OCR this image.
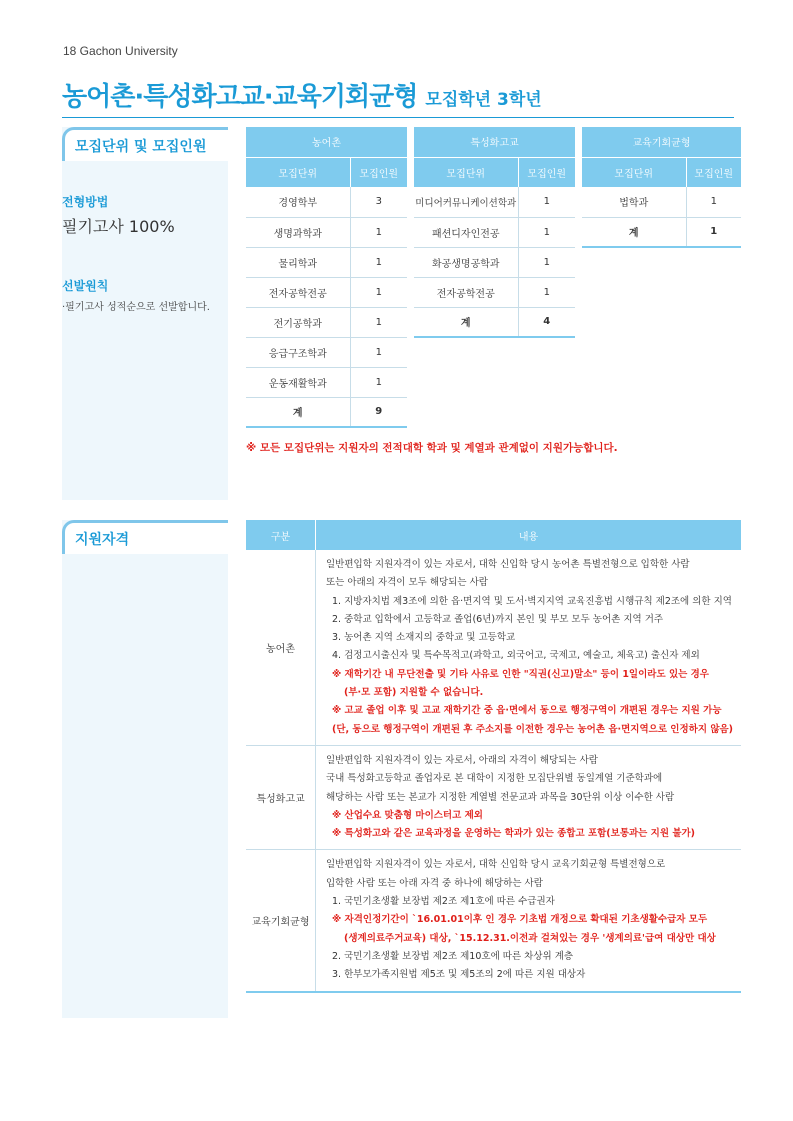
18 Gachon University
농어촌·특성화고교·교육기회균형 모집학년 3학년
모집단위 및 모집인원
전형방법
필기고사 100%
선발원칙
·필기고사 성적순으로 선발합니다.
농어촌	
모집단위	모집인원
경영학부	3
생명과학과	1
물리학과	1
전자공학전공	1
전기공학과	1
응급구조학과	1
운동재활학과	1
계	9
특성화고교	
모집단위	모집인원
미디어커뮤니케이션학과	1
패션디자인전공	1
화공생명공학과	1
전자공학전공	1
계	4
교육기회균형	
모집단위	모집인원
법학과	1
계	1
※ 모든 모집단위는 지원자의 전적대학 학과 및 계열과 관계없이 지원가능합니다.
지원자격	구분	내용
농어촌
일반편입학 지원자격이 있는 자로서, 대학 신입학 당시 농어촌 특별전형으로 입학한 사람
또는 아래의 자격이 모두 해당되는 사람
1. 지방자치법 제3조에 의한 읍·면지역 및 도서·벽지지역 교육진흥법 시행규칙 제2조에 의한 지역
2. 중학교 입학에서 고등학교 졸업(6년)까지 본인 및 부모 모두 농어촌 지역 거주
3. 농어촌 지역 소재지의 중학교 및 고등학교
4. 검정고시출신자 및 특수목적고(과학고, 외국어고, 국제고, 예술고, 체육고) 출신자 제외
※ 재학기간 내 무단전출 및 기타 사유로 인한 "직권(신고)말소" 등이 1일이라도 있는 경우
(부·모 포함) 지원할 수 없습니다.
※ 고교 졸업 이후 및 고교 재학기간 중 읍·면에서 동으로 행정구역이 개편된 경우는 지원 가능
(단, 동으로 행정구역이 개편된 후 주소지를 이전한 경우는 농어촌 읍·면지역으로 인정하지 않음)
특성화고교
일반편입학 지원자격이 있는 자로서, 아래의 자격이 해당되는 사람
국내 특성화고등학교 졸업자로 본 대학이 지정한 모집단위별 동일계열 기준학과에
해당하는 사람 또는 본교가 지정한 계열별 전문교과 과목을 30단위 이상 이수한 사람
※ 산업수요 맞춤형 마이스터고 제외
※ 특성화고와 같은 교육과정을 운영하는 학과가 있는 종합고 포함(보통과는 지원 불가)
교육기회균형
일반편입학 지원자격이 있는 자로서, 대학 신입학 당시 교육기회균형 특별전형으로
입학한 사람 또는 아래 자격 중 하나에 해당하는 사람
1. 국민기초생활 보장법 제2조 제1호에 따른 수급권자
※ 자격인정기간이 `16.01.01이후 인 경우 기초법 개정으로 확대된 기초생활수급자 모두
(생계의료주거교육) 대상, `15.12.31.이전과 걸쳐있는 경우 '생계의료'급여 대상만 대상
2. 국민기초생활 보장법 제2조 제10호에 따른 차상위 계층
3. 한부모가족지원법 제5조 및 제5조의 2에 따른 지원 대상자
